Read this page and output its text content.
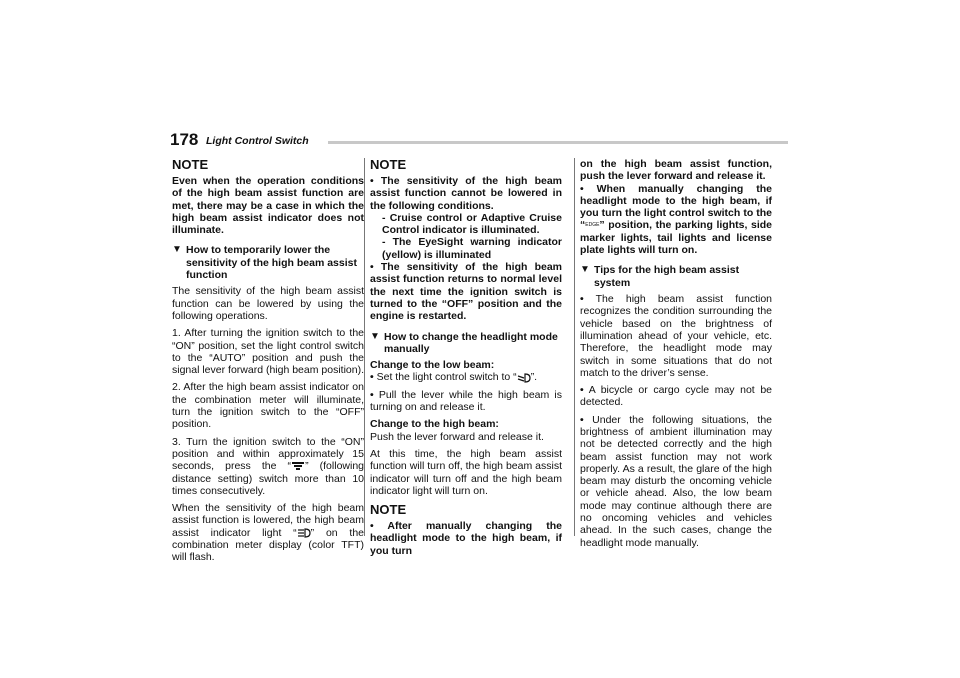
178 Light Control Switch
NOTE

Even when the operation conditions of the high beam assist function are met, there may be a case in which the high beam assist indicator does not illuminate.

▼ How to temporarily lower the sensitivity of the high beam assist function

The sensitivity of the high beam assist function can be lowered by using the following operations.

1. After turning the ignition switch to the “ON” position, set the light control switch to the “AUTO” position and push the signal lever forward (high beam position).

2. After the high beam assist indicator on the combination meter will illuminate, turn the ignition switch to the “OFF” position.

3. Turn the ignition switch to the “ON” position and within approximately 15 seconds, press the “ ” (following distance setting) switch more than 10 times consecutively.

When the sensitivity of the high beam assist function is lowered, the high beam assist indicator light “ ” on the combination meter display (color TFT) will flash.

NOTE

• The sensitivity of the high beam assist function cannot be lowered in the following conditions.

- Cruise control or Adaptive Cruise Control indicator is illuminated.
- The EyeSight warning indicator (yellow) is illuminated

• The sensitivity of the high beam assist function returns to normal level the next time the ignition switch is turned to the “OFF” position and the engine is restarted.

▼ How to change the headlight mode manually

Change to the low beam:

• Set the light control switch to “ ”.

• Pull the lever while the high beam is turning on and release it.

Change to the high beam:

Push the lever forward and release it.

At this time, the high beam assist function will turn off, the high beam assist indicator will turn off and the high beam indicator light will turn on.

NOTE

• After manually changing the headlight mode to the high beam, if you turn

on the high beam assist function, push the lever forward and release it.

• When manually changing the headlight mode to the high beam, if you turn the light control switch to the “EDGE” position, the parking lights, side marker lights, tail lights and license plate lights will turn on.

▼ Tips for the high beam assist system

• The high beam assist function recognizes the condition surrounding the vehicle based on the brightness of illumination ahead of your vehicle, etc. Therefore, the headlight mode may switch in some situations that do not match to the driver’s sense.

• A bicycle or cargo cycle may not be detected.

• Under the following situations, the brightness of ambient illumination may not be detected correctly and the high beam assist function may not work properly. As a result, the glare of the high beam may disturb the oncoming vehicle or vehicle ahead. Also, the low beam mode may continue although there are no oncoming vehicles and vehicles ahead. In the such cases, change the headlight mode manually.
